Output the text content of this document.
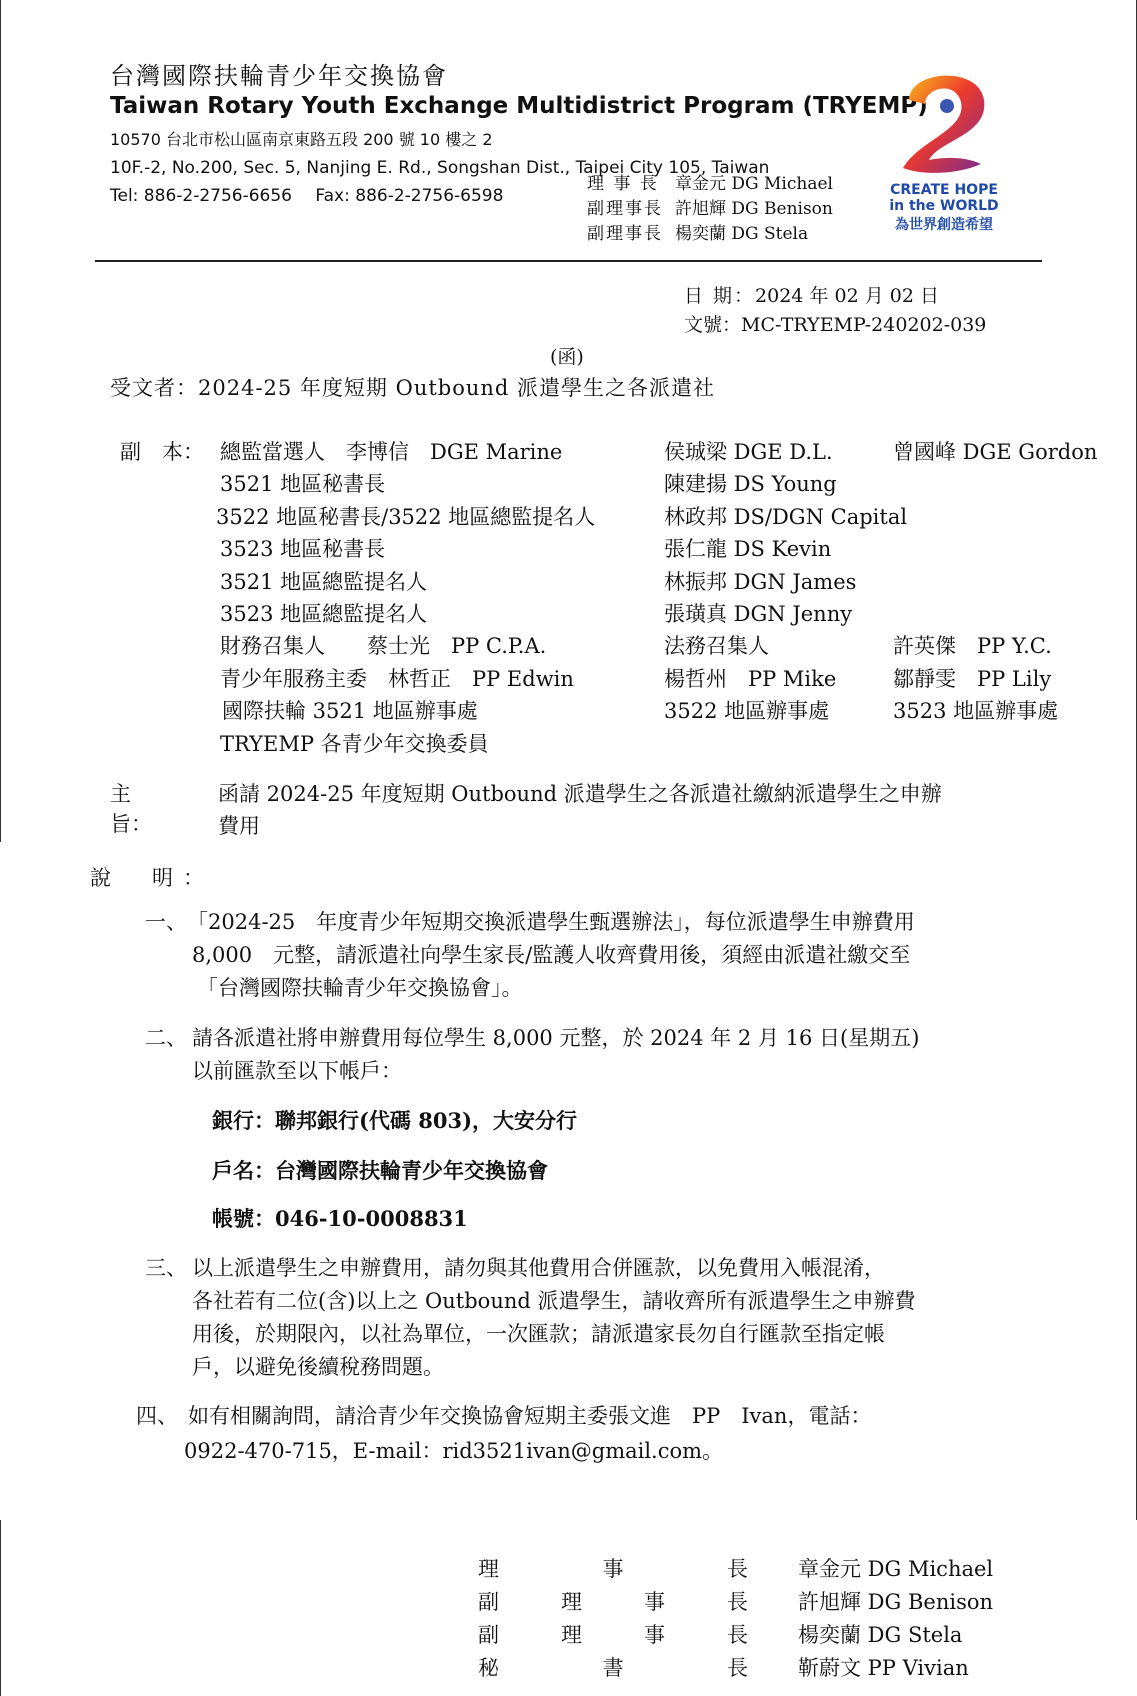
台灣國際扶輪青少年交換協會
Taiwan Rotary Youth Exchange Multidistrict Program (TRYEMP)
10570 台北市松山區南京東路五段 200 號 10 樓之 2
10F.-2, No.200, Sec. 5, Nanjing E. Rd., Songshan Dist., Taipei City 105, Taiwan
Tel: 886-2-2756-6656 Fax: 886-2-2756-6598
理 事 長 章金元 DG Michael
副理事長 許旭輝 DG Benison
副理事長 楊奕蘭 DG Stela
CREATE HOPE
in the WORLD
為世界創造希望
日 期：2024 年 02 月 02 日
文號：MC-TRYEMP-240202-039
(函)
受文者：2024-25 年度短期 Outbound 派遣學生之各派遣社
副　本： 總監當選人　李博信　DGE Marine	侯珹梁 DGE D.L.	曾國峰 DGE Gordon
3521 地區秘書長	陳建揚 DS Young
3522 地區秘書長/3522 地區總監提名人	林政邦 DS/DGN Capital
3523 地區秘書長	張仁龍 DS Kevin
3521 地區總監提名人	林振邦 DGN James
3523 地區總監提名人	張璜真 DGN Jenny
財務召集人　　蔡士光　PP C.P.A.	法務召集人	許英傑　PP Y.C.
青少年服務主委　林哲正　PP Edwin	楊哲州　PP Mike	鄒靜雯　PP Lily
國際扶輪 3521 地區辦事處	3522 地區辦事處	3523 地區辦事處
TRYEMP 各青少年交換委員
主　　旨：
函請 2024-25 年度短期 Outbound 派遣學生之各派遣社繳納派遣學生之申辦
費用
說　明：
一、 「2024-25　年度青少年短期交換派遣學生甄選辦法」，每位派遣學生申辦費用
8,000　元整，請派遣社向學生家長/監護人收齊費用後，須經由派遣社繳交至
「台灣國際扶輪青少年交換協會」。
二、 請各派遣社將申辦費用每位學生 8,000 元整，於 2024 年 2 月 16 日(星期五)
以前匯款至以下帳戶：
銀行：聯邦銀行(代碼 803)，大安分行
戶名：台灣國際扶輪青少年交換協會
帳號：046-10-0008831
三、 以上派遣學生之申辦費用，請勿與其他費用合併匯款，以免費用入帳混淆，
各社若有二位(含)以上之 Outbound 派遣學生，請收齊所有派遣學生之申辦費
用後，於期限內，以社為單位，一次匯款；請派遣家長勿自行匯款至指定帳
戶，以避免後續稅務問題。
四、 如有相關詢問，請洽青少年交換協會短期主委張文進　PP　Ivan，電話：
0922-470-715，E-mail：rid3521ivan@gmail.com。
理	事	長 章金元 DG Michael
副	理	事	長 許旭輝 DG Benison
副	理	事	長 楊奕蘭 DG Stela
秘	書	長 靳蔚文 PP Vivian
